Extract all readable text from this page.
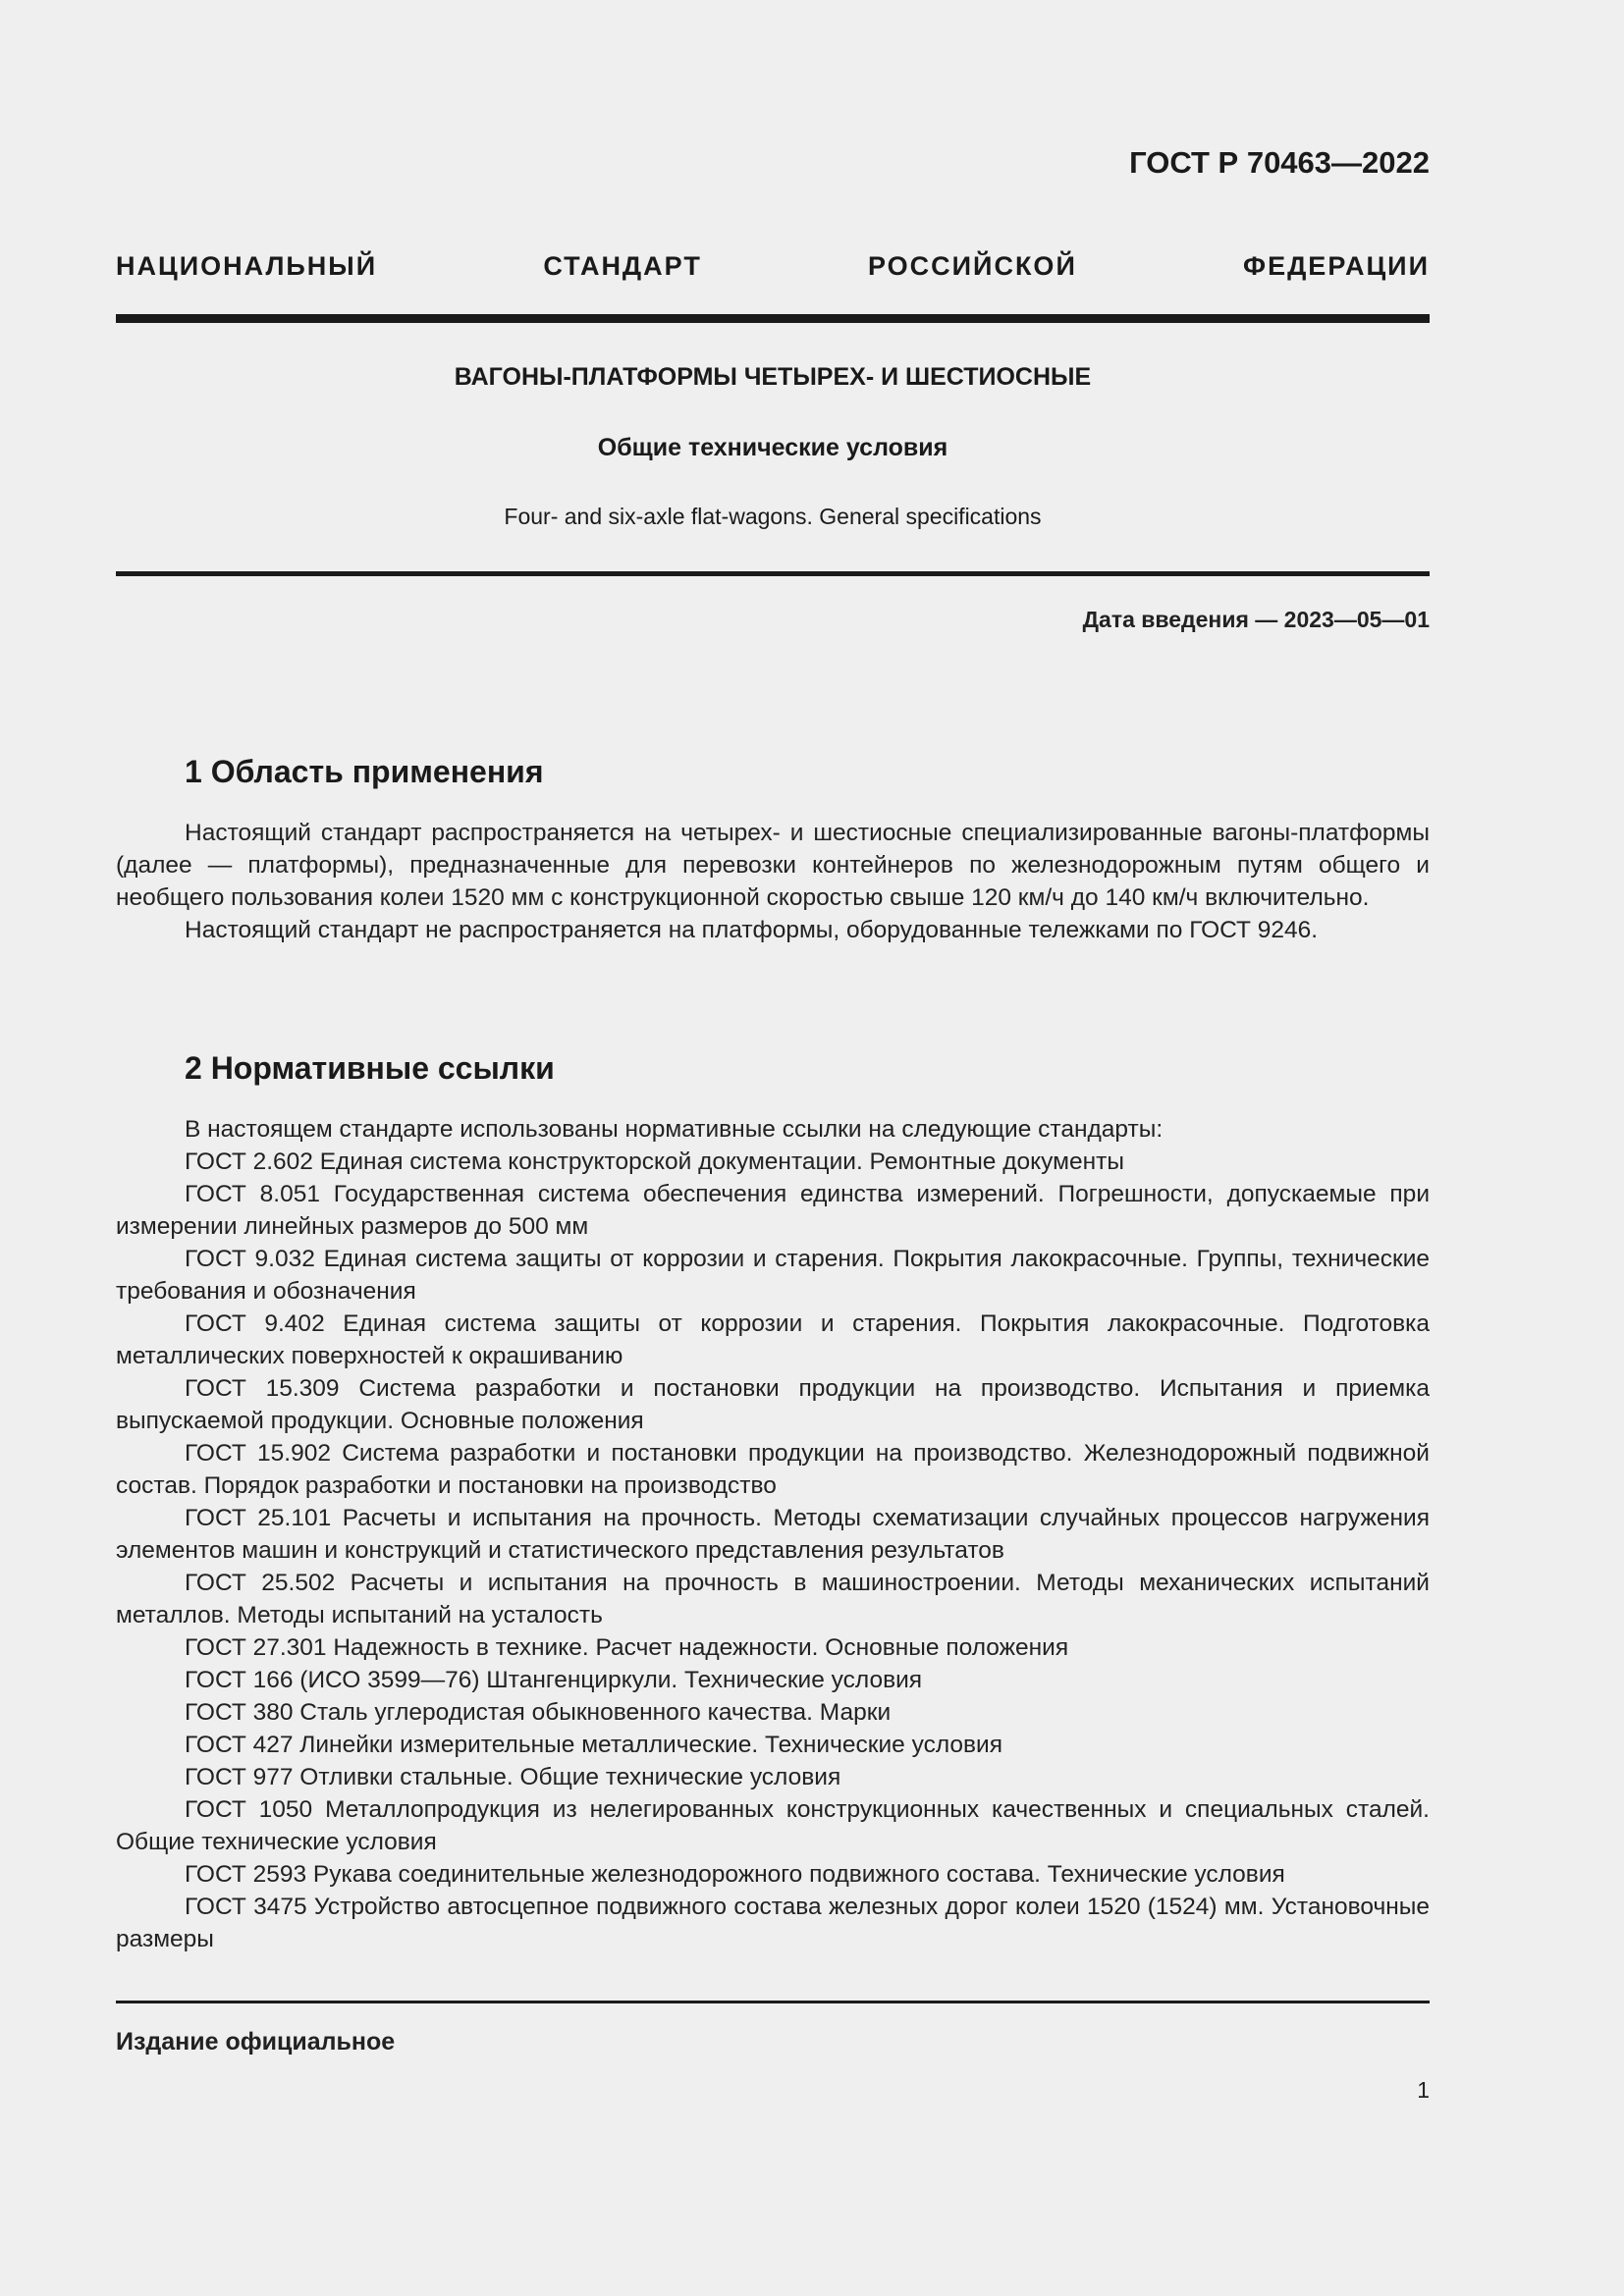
ГОСТ Р 70463—2022
НАЦИОНАЛЬНЫЙ СТАНДАРТ РОССИЙСКОЙ ФЕДЕРАЦИИ
ВАГОНЫ-ПЛАТФОРМЫ ЧЕТЫРЕХ- И ШЕСТИОСНЫЕ
Общие технические условия
Four- and six-axle flat-wagons. General specifications
Дата введения — 2023—05—01
1 Область применения

Настоящий стандарт распространяется на четырех- и шестиосные специализированные вагоны-платформы (далее — платформы), предназначенные для перевозки контейнеров по железнодорожным путям общего и необщего пользования колеи 1520 мм с конструкционной скоростью свыше 120 км/ч до 140 км/ч включительно.

Настоящий стандарт не распространяется на платформы, оборудованные тележками по ГОСТ 9246.

2 Нормативные ссылки

В настоящем стандарте использованы нормативные ссылки на следующие стандарты:

ГОСТ 2.602 Единая система конструкторской документации. Ремонтные документы

ГОСТ 8.051 Государственная система обеспечения единства измерений. Погрешности, допускаемые при измерении линейных размеров до 500 мм

ГОСТ 9.032 Единая система защиты от коррозии и старения. Покрытия лакокрасочные. Группы, технические требования и обозначения

ГОСТ 9.402 Единая система защиты от коррозии и старения. Покрытия лакокрасочные. Подготовка металлических поверхностей к окрашиванию

ГОСТ 15.309 Система разработки и постановки продукции на производство. Испытания и приемка выпускаемой продукции. Основные положения

ГОСТ 15.902 Система разработки и постановки продукции на производство. Железнодорожный подвижной состав. Порядок разработки и постановки на производство

ГОСТ 25.101 Расчеты и испытания на прочность. Методы схематизации случайных процессов нагружения элементов машин и конструкций и статистического представления результатов

ГОСТ 25.502 Расчеты и испытания на прочность в машиностроении. Методы механических испытаний металлов. Методы испытаний на усталость

ГОСТ 27.301 Надежность в технике. Расчет надежности. Основные положения

ГОСТ 166 (ИСО 3599—76) Штангенциркули. Технические условия

ГОСТ 380 Сталь углеродистая обыкновенного качества. Марки

ГОСТ 427 Линейки измерительные металлические. Технические условия

ГОСТ 977 Отливки стальные. Общие технические условия

ГОСТ 1050 Металлопродукция из нелегированных конструкционных качественных и специальных сталей. Общие технические условия

ГОСТ 2593 Рукава соединительные железнодорожного подвижного состава. Технические условия

ГОСТ 3475 Устройство автосцепное подвижного состава железных дорог колеи 1520 (1524) мм. Установочные размеры

Издание официальное
1
